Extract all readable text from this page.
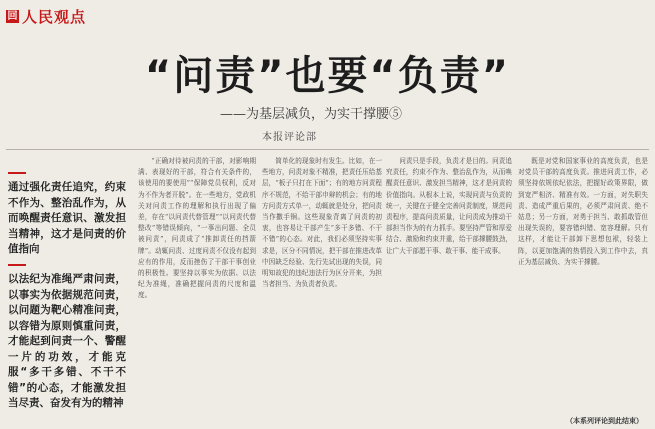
回 人民观点
“问责”也要“负责”
——为基层减负，为实干撑腰⑤
本报评论部
通过强化责任追究，约束不作为、整治乱作为，从而唤醒责任意识、激发担当精神，这才是问责的价值指向
以法纪为准绳严肃问责，以事实为依据规范问责，以问题为靶心精准问责，以容错为原则慎重问责，才能起到问责一个、警醒一片的功效，才能克服“多干多错、不干不错”的心态，才能激发担当尽责、奋发有为的精神

“正确对待被问责的干部，对影响期满、表现好的干部，符合有关条件的，该使用的要使用”“保障党员权利，反对为不作为者开脱”。在一些地方，党政机关对问责工作的理解和执行出现了偏差，存在“以问责代替管理”“以问责代替整改”等错误倾向，“一事出问题、全员被问责”，问责成了“推卸责任的挡箭牌”。动辄问责、过度问责不仅没有起到应有的作用，反而挫伤了干部干事创业的积极性。要坚持以事实为依据、以法纪为准绳，准确把握问责的尺度和温度。

简单化的现象时有发生。比如，在一些地方，问责对象不精准，把责任压给基层，“板子只打在下面”；有的地方问责程序不规范，不给干部申辩的机会；有的地方问责方式单一，动辄就是处分，把问责当作撒手锏。这些现象背离了问责的初衷，也容易让干部产生“多干多错、不干不错”的心态。对此，我们必须坚持实事求是，区分不同情况，把干部在推进改革中因缺乏经验、先行先试出现的失误，同明知故犯的违纪违法行为区分开来，为担当者担当、为负责者负责。

问责只是手段，负责才是目的。问责追究责任，约束不作为、整治乱作为，从而唤醒责任意识、激发担当精神，这才是问责的价值指向。从根本上说，实现问责与负责的统一，关键在于健全完善问责制度，规范问责程序，提高问责质量，让问责成为推动干部担当作为的有力抓手。要坚持严管和厚爱结合、激励和约束并重，给干部撑腰鼓劲，让广大干部愿干事、敢干事、能干成事。

既是对党和国家事业的高度负责，也是对党员干部的高度负责。推进问责工作，必须坚持依规依纪依法，把握好政策界限，做到宽严相济、精准有效。一方面，对失职失责、造成严重后果的，必须严肃问责、绝不姑息；另一方面，对勇于担当、敢抓敢管但出现失误的，要容错纠错、宽容理解。只有这样，才能让干部卸下思想包袱，轻装上阵，以更加饱满的热情投入到工作中去，真正为基层减负、为实干撑腰。

（本系列评论到此结束）
